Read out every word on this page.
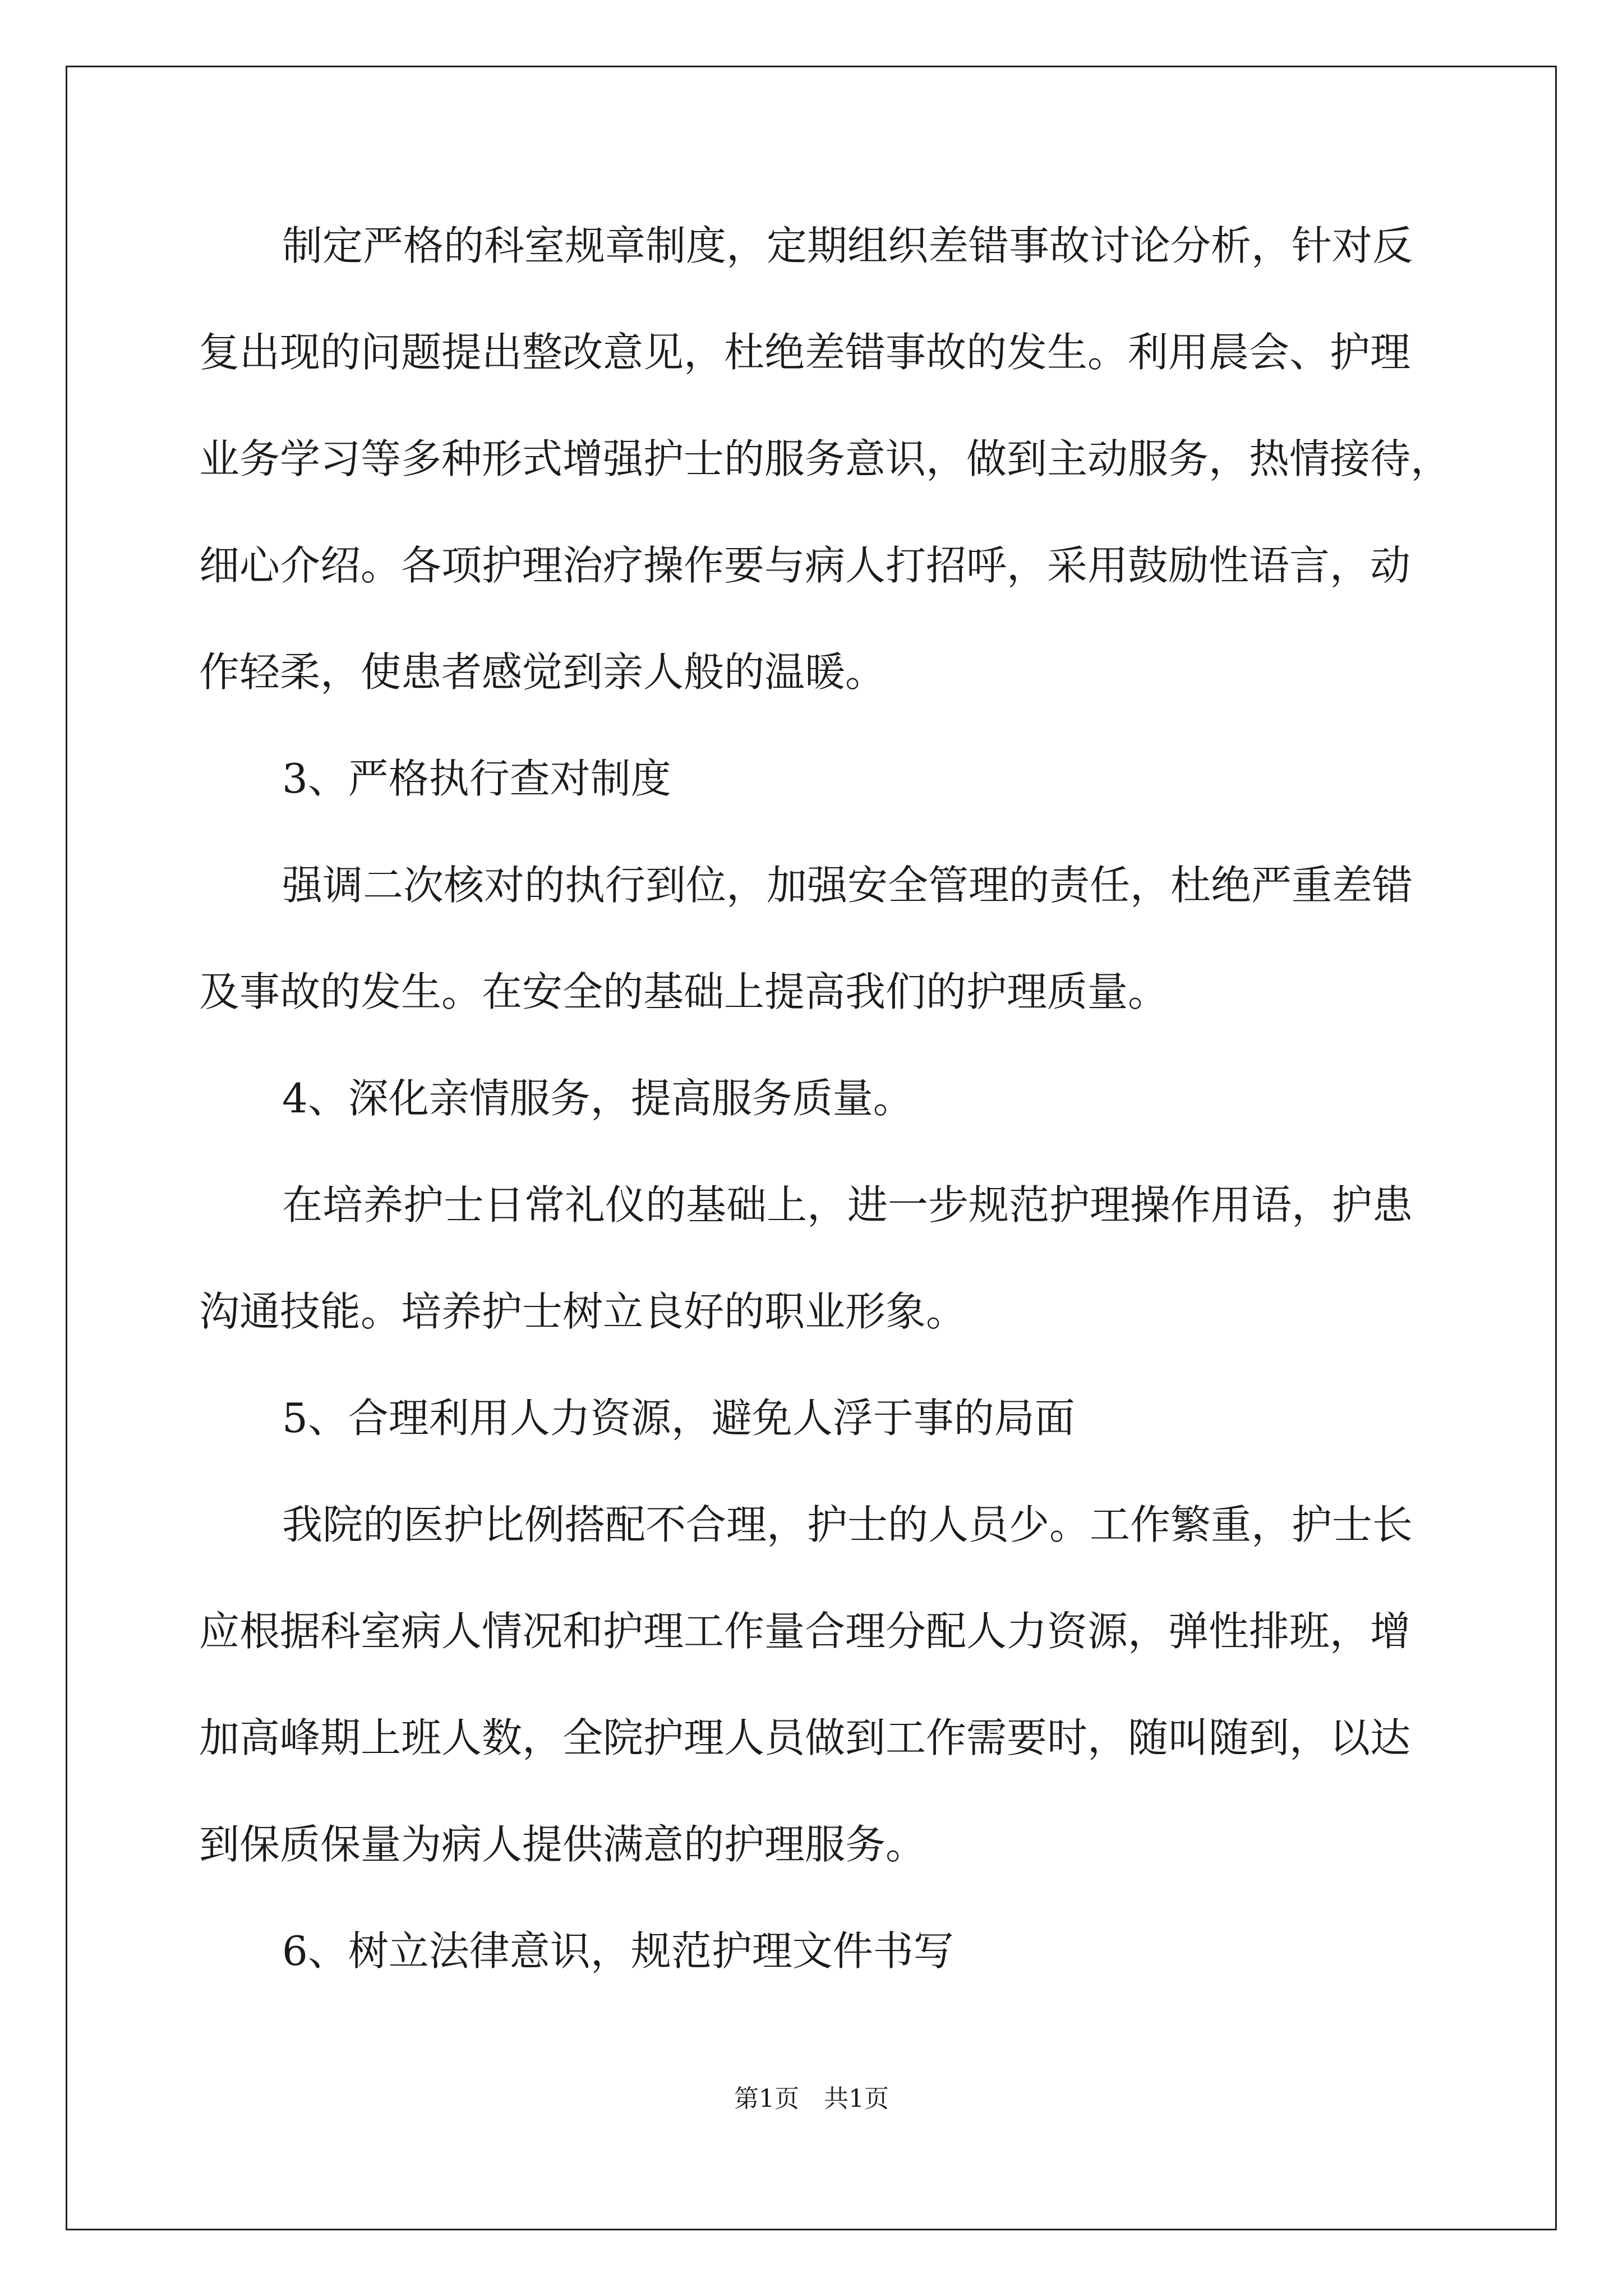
制定严格的科室规章制度，定期组织差错事故讨论分析，针对反
复出现的问题提出整改意见，杜绝差错事故的发生。利用晨会、护理
业务学习等多种形式增强护士的服务意识，做到主动服务，热情接待，
细心介绍。各项护理治疗操作要与病人打招呼，采用鼓励性语言，动
作轻柔，使患者感觉到亲人般的温暖。
3、严格执行查对制度
强调二次核对的执行到位，加强安全管理的责任，杜绝严重差错
及事故的发生。在安全的基础上提高我们的护理质量。
4、深化亲情服务，提高服务质量。
在培养护士日常礼仪的基础上，进一步规范护理操作用语，护患
沟通技能。培养护士树立良好的职业形象。
5、合理利用人力资源，避免人浮于事的局面
我院的医护比例搭配不合理，护士的人员少。工作繁重，护士长
应根据科室病人情况和护理工作量合理分配人力资源，弹性排班，增
加高峰期上班人数，全院护理人员做到工作需要时，随叫随到，以达
到保质保量为病人提供满意的护理服务。
6、树立法律意识，规范护理文件书写
第1页　共1页
